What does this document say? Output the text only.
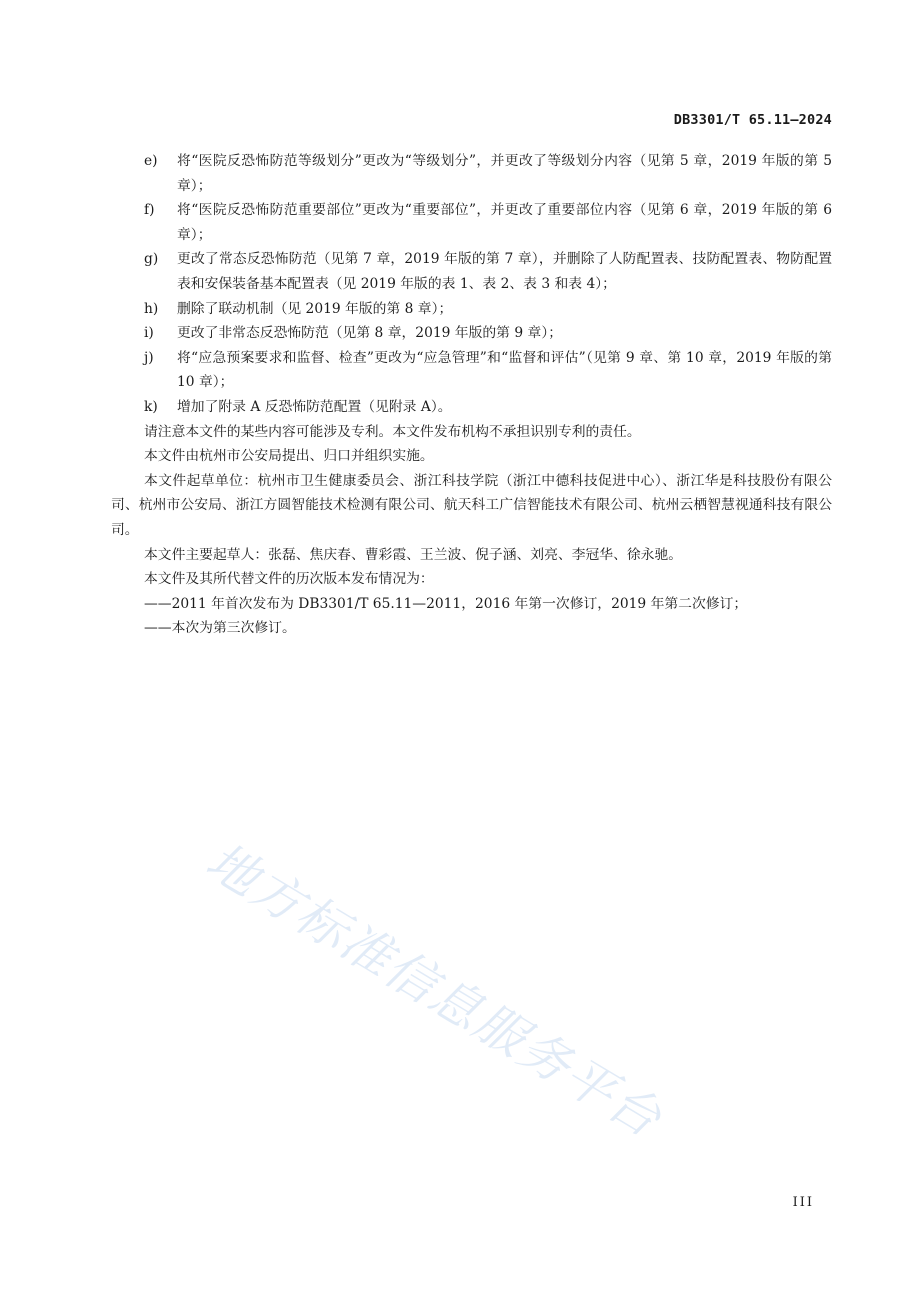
DB3301/T 65.11—2024
e) 将“医院反恐怖防范等级划分”更改为“等级划分”，并更改了等级划分内容（见第 5 章，2019 年版的第 5 章）；
f) 将“医院反恐怖防范重要部位”更改为“重要部位”，并更改了重要部位内容（见第 6 章，2019 年版的第 6 章）；
g) 更改了常态反恐怖防范（见第 7 章，2019 年版的第 7 章），并删除了人防配置表、技防配置表、物防配置表和安保装备基本配置表（见 2019 年版的表 1、表 2、表 3 和表 4）；
h) 删除了联动机制（见 2019 年版的第 8 章）；
i) 更改了非常态反恐怖防范（见第 8 章，2019 年版的第 9 章）；
j) 将“应急预案要求和监督、检查”更改为“应急管理”和“监督和评估”（见第 9 章、第 10 章，2019 年版的第 10 章）；
k) 增加了附录 A 反恐怖防范配置（见附录 A）。
请注意本文件的某些内容可能涉及专利。本文件发布机构不承担识别专利的责任。
本文件由杭州市公安局提出、归口并组织实施。
本文件起草单位：杭州市卫生健康委员会、浙江科技学院（浙江中德科技促进中心）、浙江华是科技股份有限公司、杭州市公安局、浙江方圆智能技术检测有限公司、航天科工广信智能技术有限公司、杭州云栖智慧视通科技有限公司。
本文件主要起草人：张磊、焦庆春、曹彩霞、王兰波、倪子涵、刘亮、李冠华、徐永驰。
本文件及其所代替文件的历次版本发布情况为：
——2011 年首次发布为 DB3301/T 65.11—2011，2016 年第一次修订，2019 年第二次修订；
——本次为第三次修订。
地方标准信息服务平台
III
